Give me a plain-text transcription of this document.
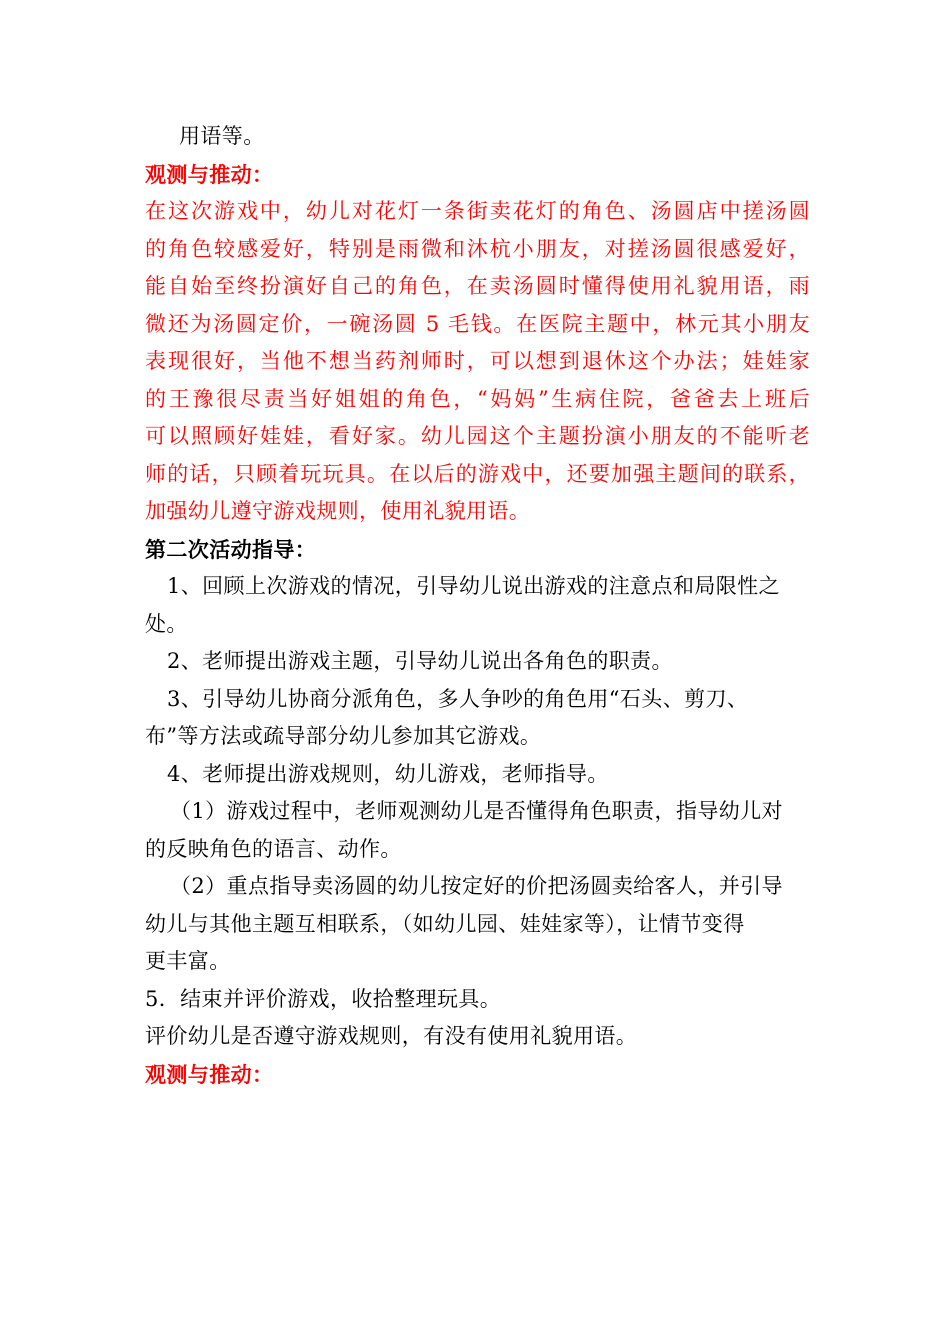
用语等。
观测与推动：
在这次游戏中，幼儿对花灯一条街卖花灯的角色、汤圆店中搓汤圆
的角色较感爱好，特别是雨微和沐杭小朋友，对搓汤圆很感爱好，
能自始至终扮演好自己的角色，在卖汤圆时懂得使用礼貌用语，雨
微还为汤圆定价，一碗汤圆 5 毛钱。在医院主题中，林元其小朋友
表现很好，当他不想当药剂师时，可以想到退休这个办法；娃娃家
的王豫很尽责当好姐姐的角色，“妈妈”生病住院，爸爸去上班后
可以照顾好娃娃，看好家。幼儿园这个主题扮演小朋友的不能听老
师的话，只顾着玩玩具。在以后的游戏中，还要加强主题间的联系，
加强幼儿遵守游戏规则，使用礼貌用语。
第二次活动指导：
1、回顾上次游戏的情况，引导幼儿说出游戏的注意点和局限性之
处。
2、老师提出游戏主题，引导幼儿说出各角色的职责。
3、引导幼儿协商分派角色，多人争吵的角色用“石头、剪刀、
布”等方法或疏导部分幼儿参加其它游戏。
4、老师提出游戏规则，幼儿游戏，老师指导。
（1）游戏过程中，老师观测幼儿是否懂得角色职责，指导幼儿对
的反映角色的语言、动作。
（2）重点指导卖汤圆的幼儿按定好的价把汤圆卖给客人，并引导
幼儿与其他主题互相联系，（如幼儿园、娃娃家等），让情节变得
更丰富。
5．结束并评价游戏，收拾整理玩具。
评价幼儿是否遵守游戏规则，有没有使用礼貌用语。
观测与推动：
